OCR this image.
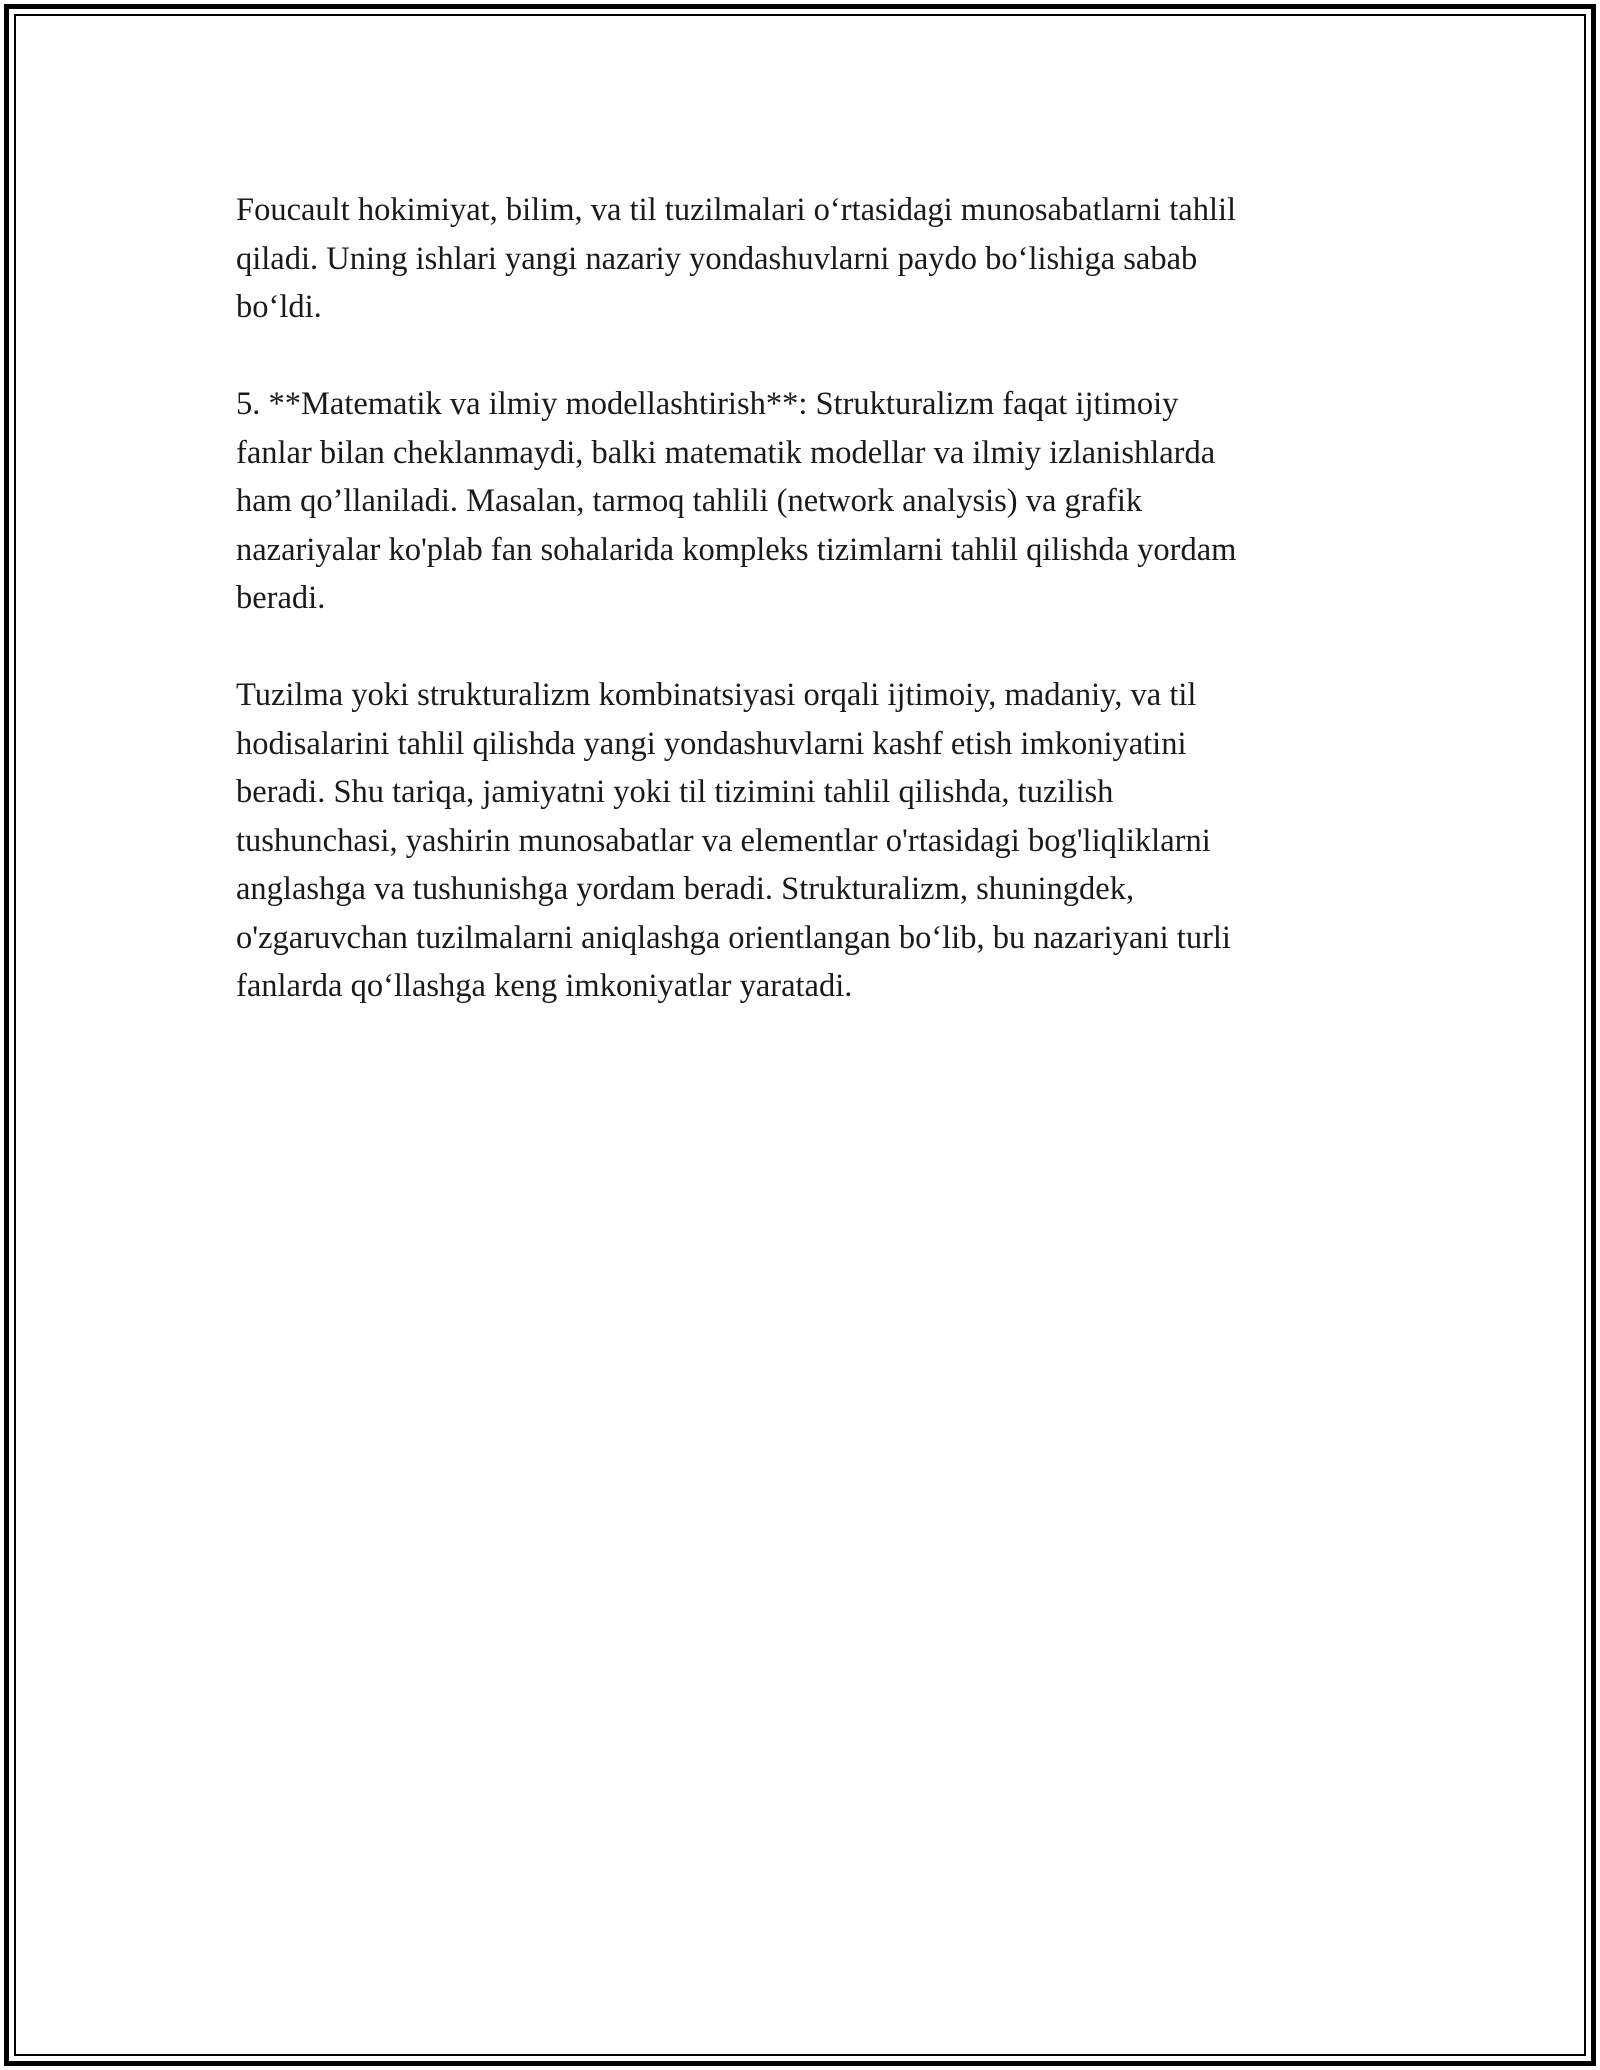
Foucault hokimiyat, bilim, va til tuzilmalari o‘rtasidagi munosabatlarni tahlil
qiladi. Uning ishlari yangi nazariy yondashuvlarni paydo bo‘lishiga sabab
bo‘ldi.

5. **Matematik va ilmiy modellashtirish**: Strukturalizm faqat ijtimoiy
fanlar bilan cheklanmaydi, balki matematik modellar va ilmiy izlanishlarda
ham qo’llaniladi. Masalan, tarmoq tahlili (network analysis) va grafik
nazariyalar ko'plab fan sohalarida kompleks tizimlarni tahlil qilishda yordam
beradi.

Tuzilma yoki strukturalizm kombinatsiyasi orqali ijtimoiy, madaniy, va til
hodisalarini tahlil qilishda yangi yondashuvlarni kashf etish imkoniyatini
beradi. Shu tariqa, jamiyatni yoki til tizimini tahlil qilishda, tuzilish
tushunchasi, yashirin munosabatlar va elementlar o'rtasidagi bog'liqliklarni
anglashga va tushunishga yordam beradi. Strukturalizm, shuningdek,
o'zgaruvchan tuzilmalarni aniqlashga orientlangan bo‘lib, bu nazariyani turli
fanlarda qo‘llashga keng imkoniyatlar yaratadi.
